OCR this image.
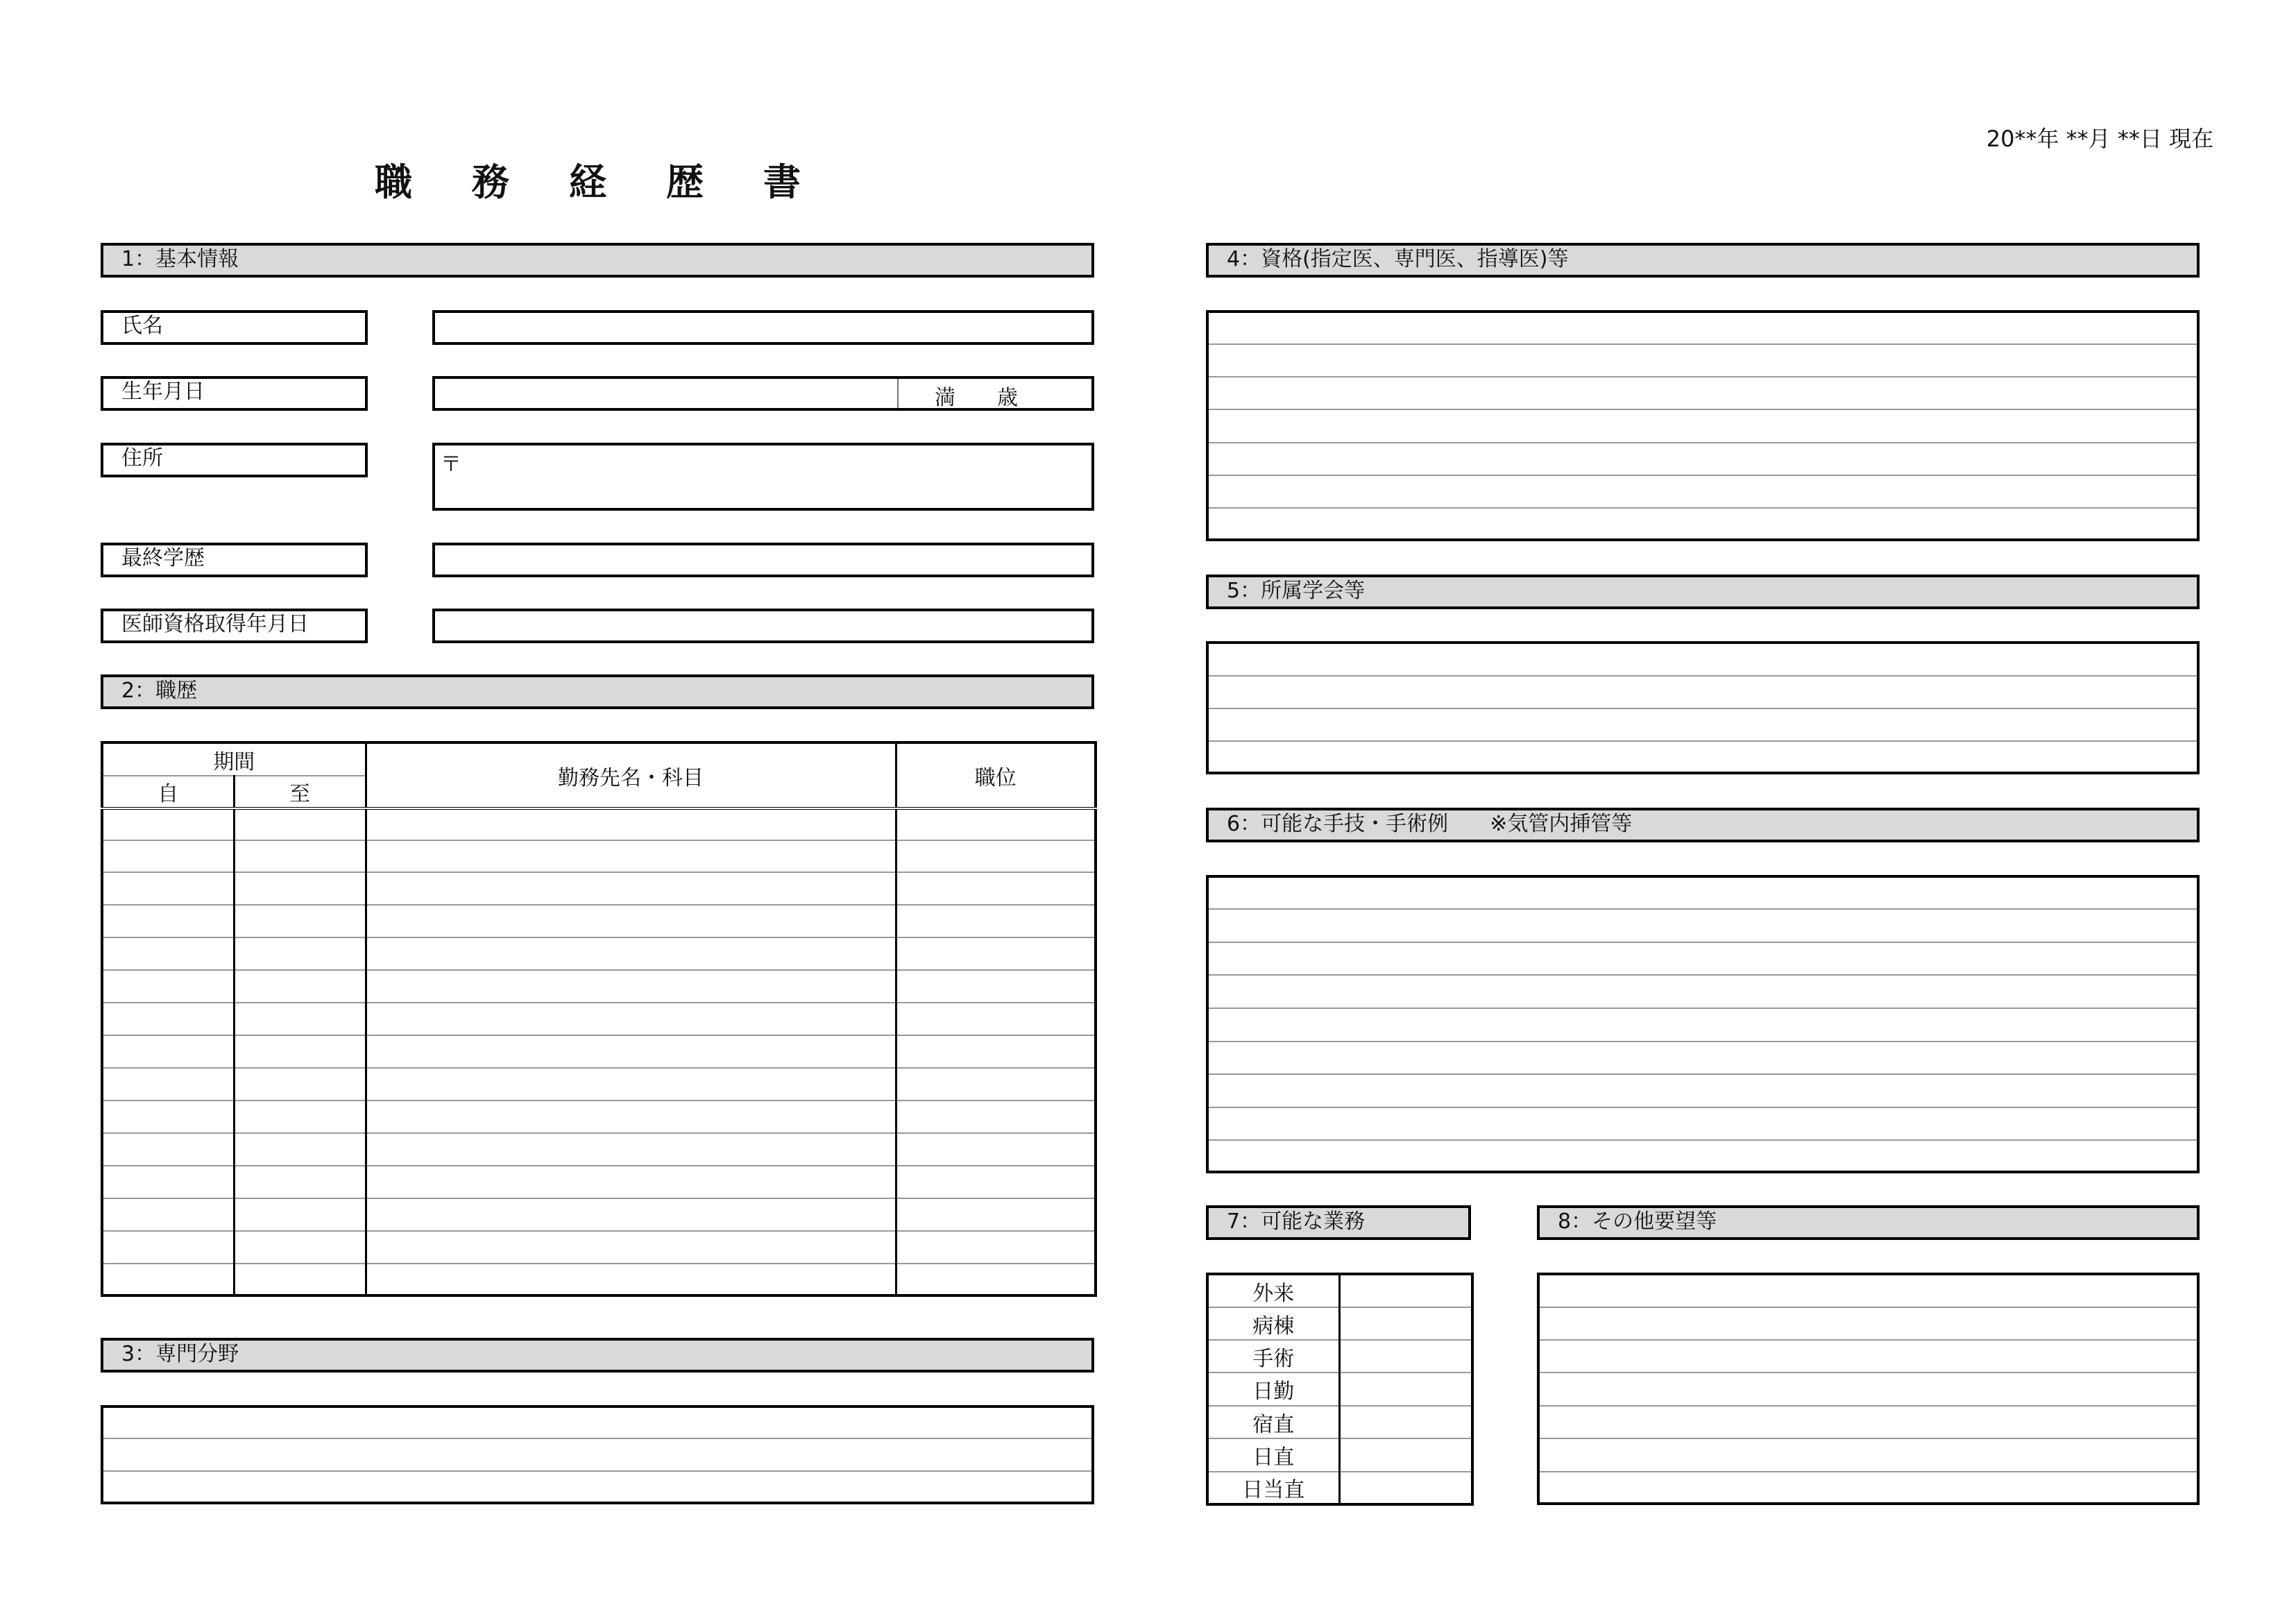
20**年 **月 **日 現在
職 務 経 歴 書
1：基本情報
氏名
生年月日	満　　歳
住所	〒
最終学歴
医師資格取得年月日
2：職歴
期間		勤務先名・科目	職位
自	至		

3：専門分野

4：資格(指定医、専門医、指導医)等

5：所属学会等

6：可能な手技・手術例　　※気管内挿管等

7：可能な業務
外来	
病棟	
手術	
日勤	
宿直	
日直	
日当直	
8：その他要望等
